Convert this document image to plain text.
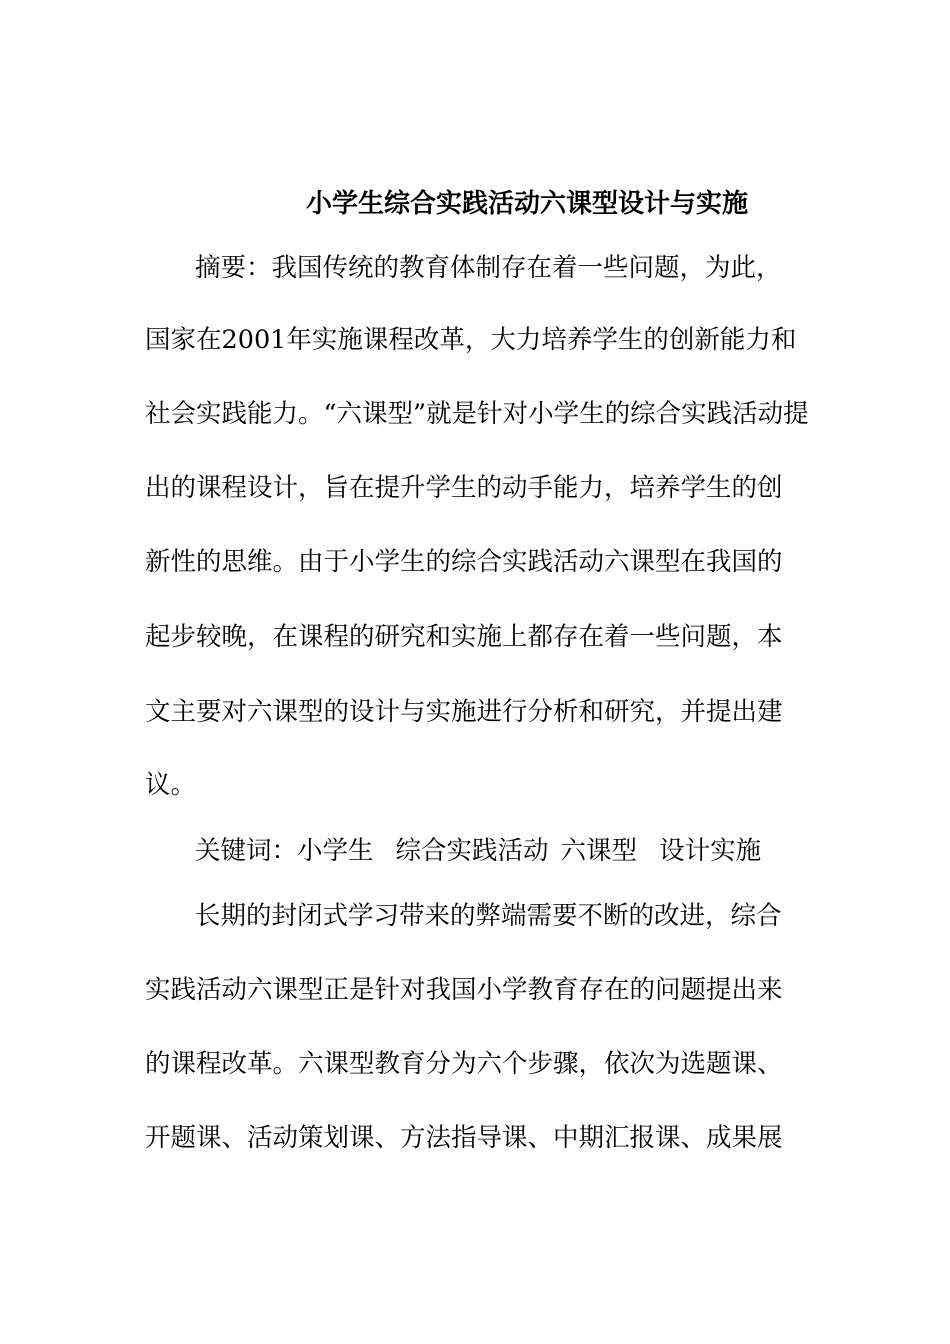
小学生综合实践活动六课型设计与实施
摘要：我国传统的教育体制存在着一些问题，为此，
国家在2001年实施课程改革，大力培养学生的创新能力和
社会实践能力。“六课型”就是针对小学生的综合实践活动提
出的课程设计，旨在提升学生的动手能力，培养学生的创
新性的思维。由于小学生的综合实践活动六课型在我国的
起步较晚，在课程的研究和实施上都存在着一些问题，本
文主要对六课型的设计与实施进行分析和研究，并提出建
议。
关键词：小学生 综合实践活动 六课型 设计实施
长期的封闭式学习带来的弊端需要不断的改进，综合
实践活动六课型正是针对我国小学教育存在的问题提出来
的课程改革。六课型教育分为六个步骤，依次为选题课、
开题课、活动策划课、方法指导课、中期汇报课、成果展
